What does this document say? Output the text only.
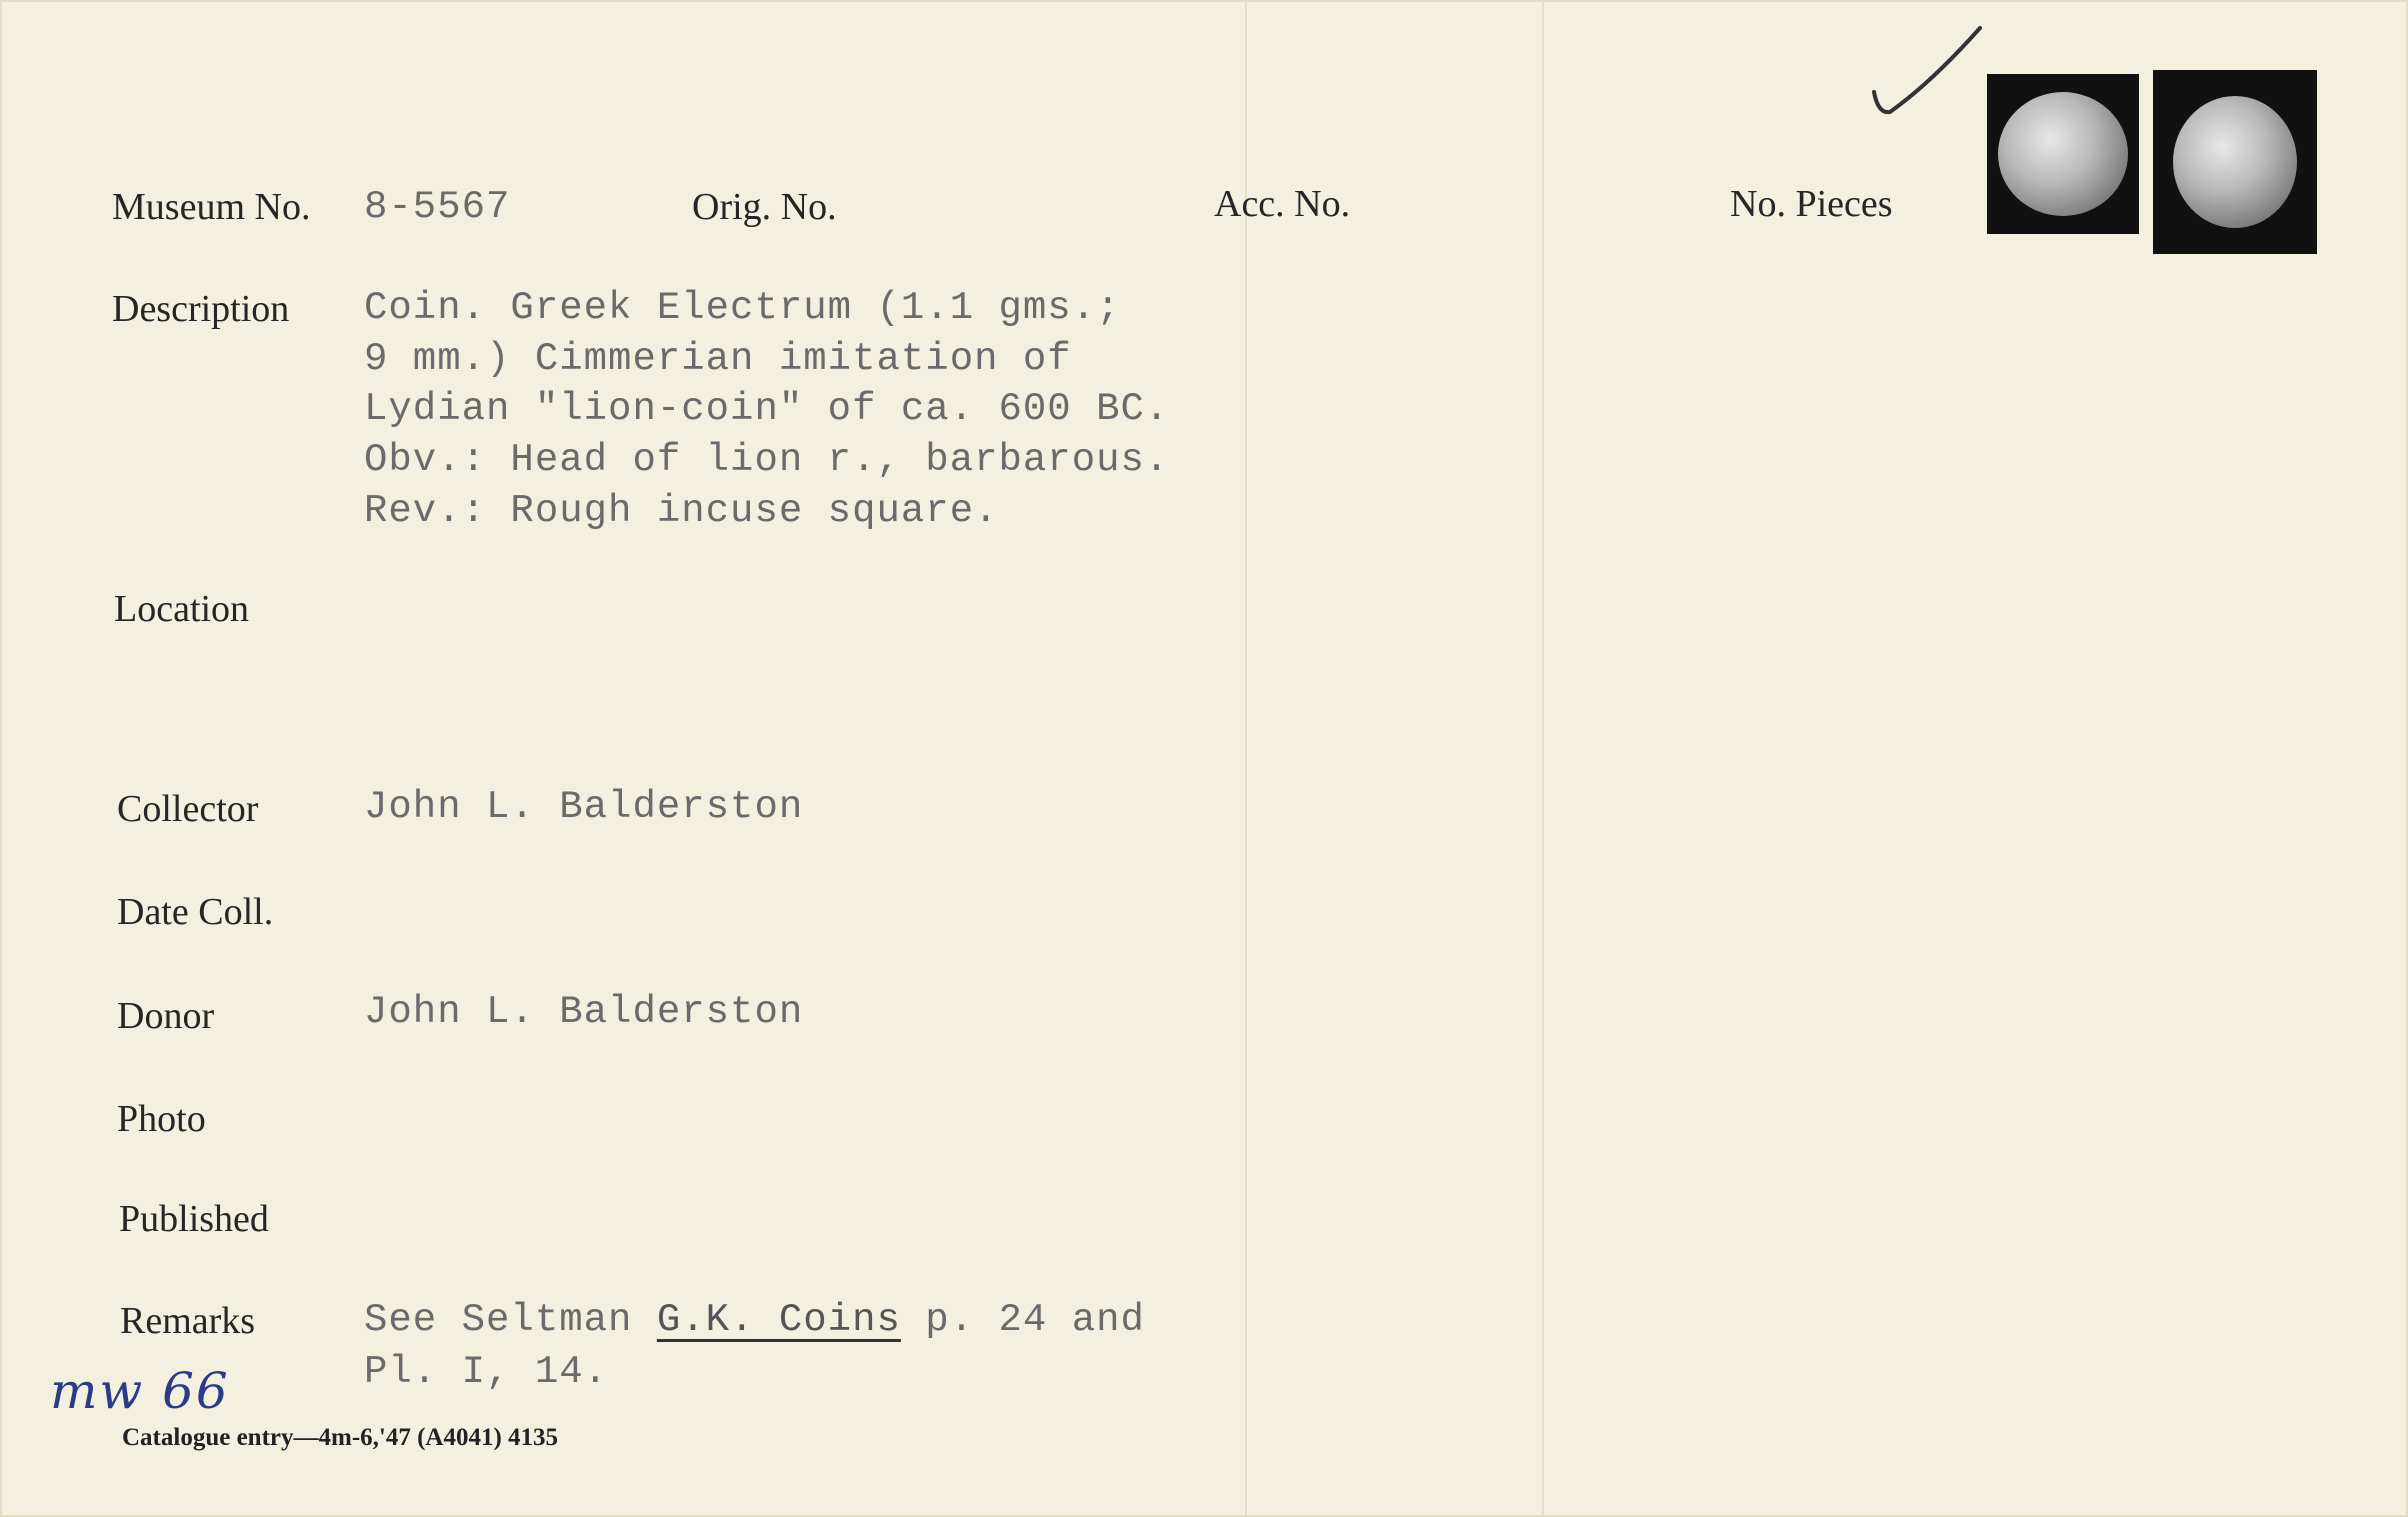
Museum No. 8-5567	Orig. No.	Acc. No.	No. Pieces
Description Coin. Greek Electrum (1.1 gms.;
9 mm.) Cimmerian imitation of
Lydian "lion-coin" of ca. 600 BC.
Obv.: Head of lion r., barbarous.
Rev.: Rough incuse square.
Location
Collector	John L. Balderston
Date Coll.
Donor	John L. Balderston
Photo
Published
Remarks	See Seltman G.K. Coins p. 24 and
Pl. I, 14.
mw 66
Catalogue entry—4m-6,'47 (A4041) 4135
